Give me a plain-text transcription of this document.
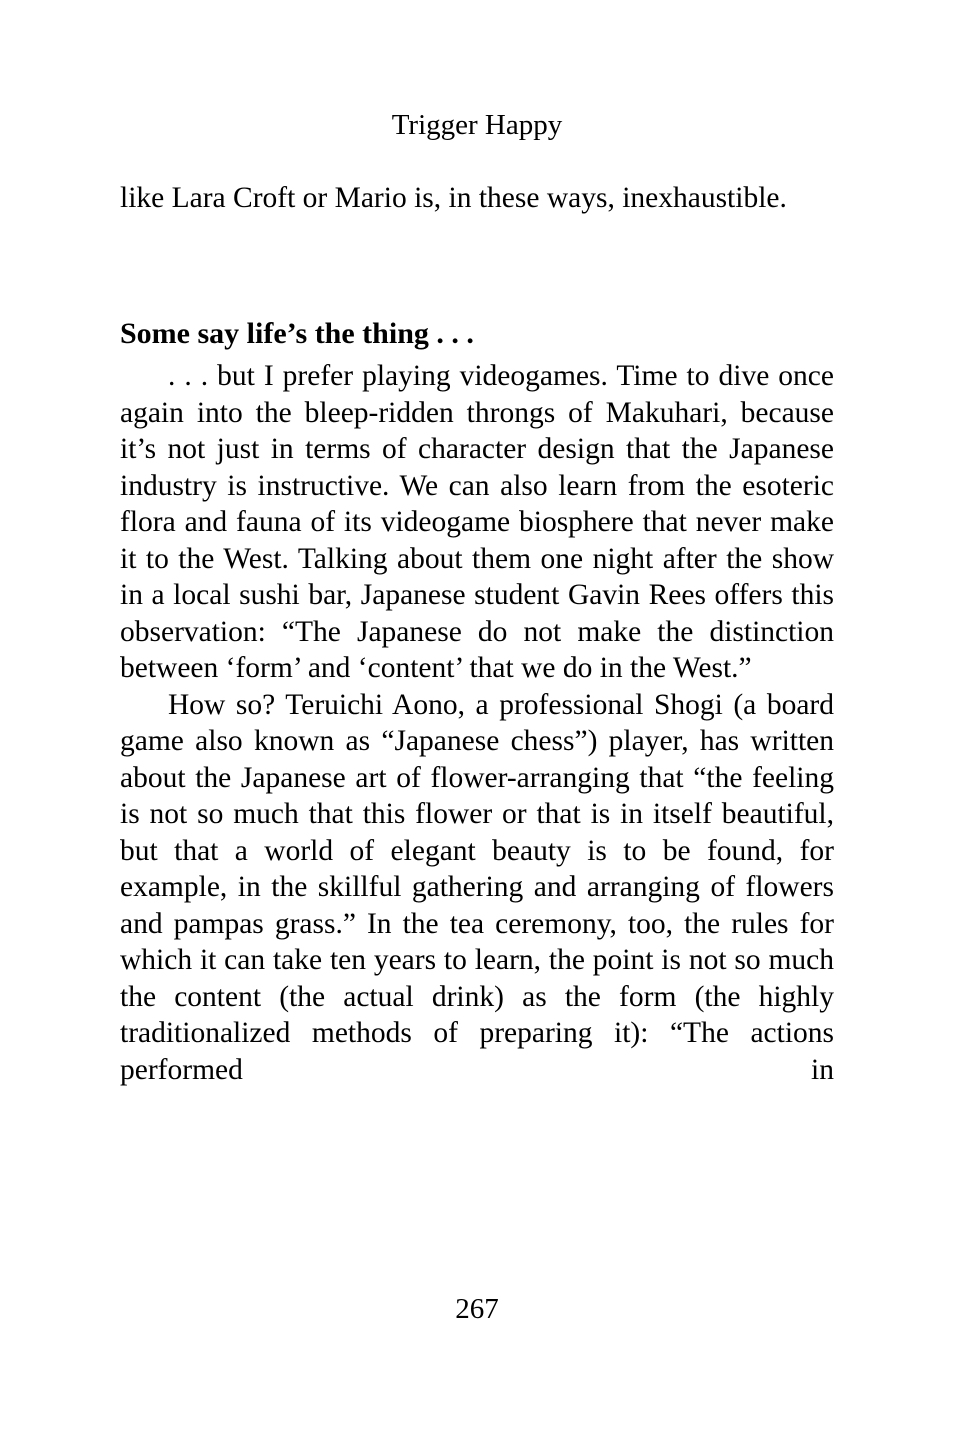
Trigger Happy

like Lara Croft or Mario is, in these ways, inexhaustible.

Some say life’s the thing . . .

. . . but I prefer playing videogames. Time to dive once again into the bleep-ridden throngs of Makuhari, because it’s not just in terms of character design that the Japanese industry is instructive. We can also learn from the esoteric flora and fauna of its videogame biosphere that never make it to the West. Talking about them one night after the show in a local sushi bar, Japanese student Gavin Rees offers this observation: “The Japanese do not make the distinction between ‘form’ and ‘content’ that we do in the West.”

How so? Teruichi Aono, a professional Shogi (a board game also known as “Japanese chess”) player, has written about the Japanese art of flower-arranging that “the feeling is not so much that this flower or that is in itself beautiful, but that a world of elegant beauty is to be found, for example, in the skillful gathering and arranging of flowers and pampas grass.” In the tea ceremony, too, the rules for which it can take ten years to learn, the point is not so much the content (the actual drink) as the form (the highly traditionalized methods of preparing it): “The actions performed in

267
